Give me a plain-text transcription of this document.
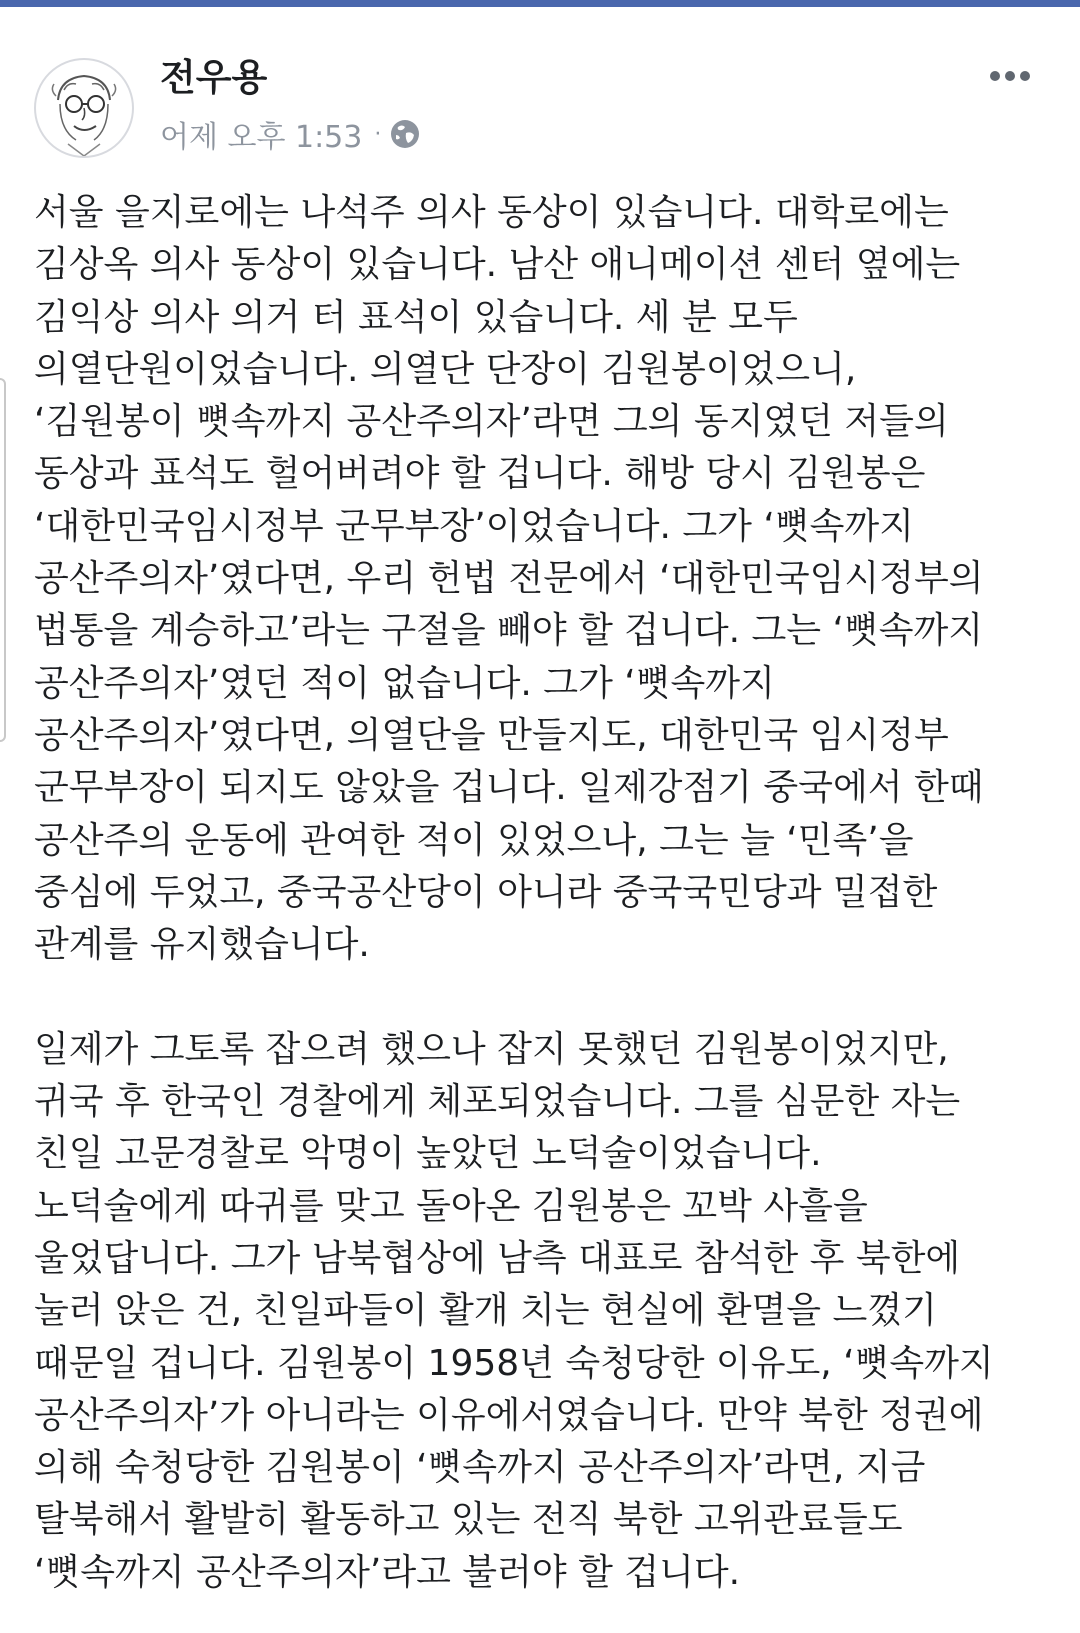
전우용
어제 오후 1:53 ·
서울 을지로에는 나석주 의사 동상이 있습니다. 대학로에는
김상옥 의사 동상이 있습니다. 남산 애니메이션 센터 옆에는
김익상 의사 의거 터 표석이 있습니다. 세 분 모두
의열단원이었습니다. 의열단 단장이 김원봉이었으니,
‘김원봉이 뼛속까지 공산주의자’라면 그의 동지였던 저들의
동상과 표석도 헐어버려야 할 겁니다. 해방 당시 김원봉은
‘대한민국임시정부 군무부장’이었습니다. 그가 ‘뼛속까지
공산주의자’였다면, 우리 헌법 전문에서 ‘대한민국임시정부의
법통을 계승하고’라는 구절을 빼야 할 겁니다. 그는 ‘뼛속까지
공산주의자’였던 적이 없습니다. 그가 ‘뼛속까지
공산주의자’였다면, 의열단을 만들지도, 대한민국 임시정부
군무부장이 되지도 않았을 겁니다. 일제강점기 중국에서 한때
공산주의 운동에 관여한 적이 있었으나, 그는 늘 ‘민족’을
중심에 두었고, 중국공산당이 아니라 중국국민당과 밀접한
관계를 유지했습니다.
일제가 그토록 잡으려 했으나 잡지 못했던 김원봉이었지만,
귀국 후 한국인 경찰에게 체포되었습니다. 그를 심문한 자는
친일 고문경찰로 악명이 높았던 노덕술이었습니다.
노덕술에게 따귀를 맞고 돌아온 김원봉은 꼬박 사흘을
울었답니다. 그가 남북협상에 남측 대표로 참석한 후 북한에
눌러 앉은 건, 친일파들이 활개 치는 현실에 환멸을 느꼈기
때문일 겁니다. 김원봉이 1958년 숙청당한 이유도, ‘뼛속까지
공산주의자’가 아니라는 이유에서였습니다. 만약 북한 정권에
의해 숙청당한 김원봉이 ‘뼛속까지 공산주의자’라면, 지금
탈북해서 활발히 활동하고 있는 전직 북한 고위관료들도
‘뼛속까지 공산주의자’라고 불러야 할 겁니다.
